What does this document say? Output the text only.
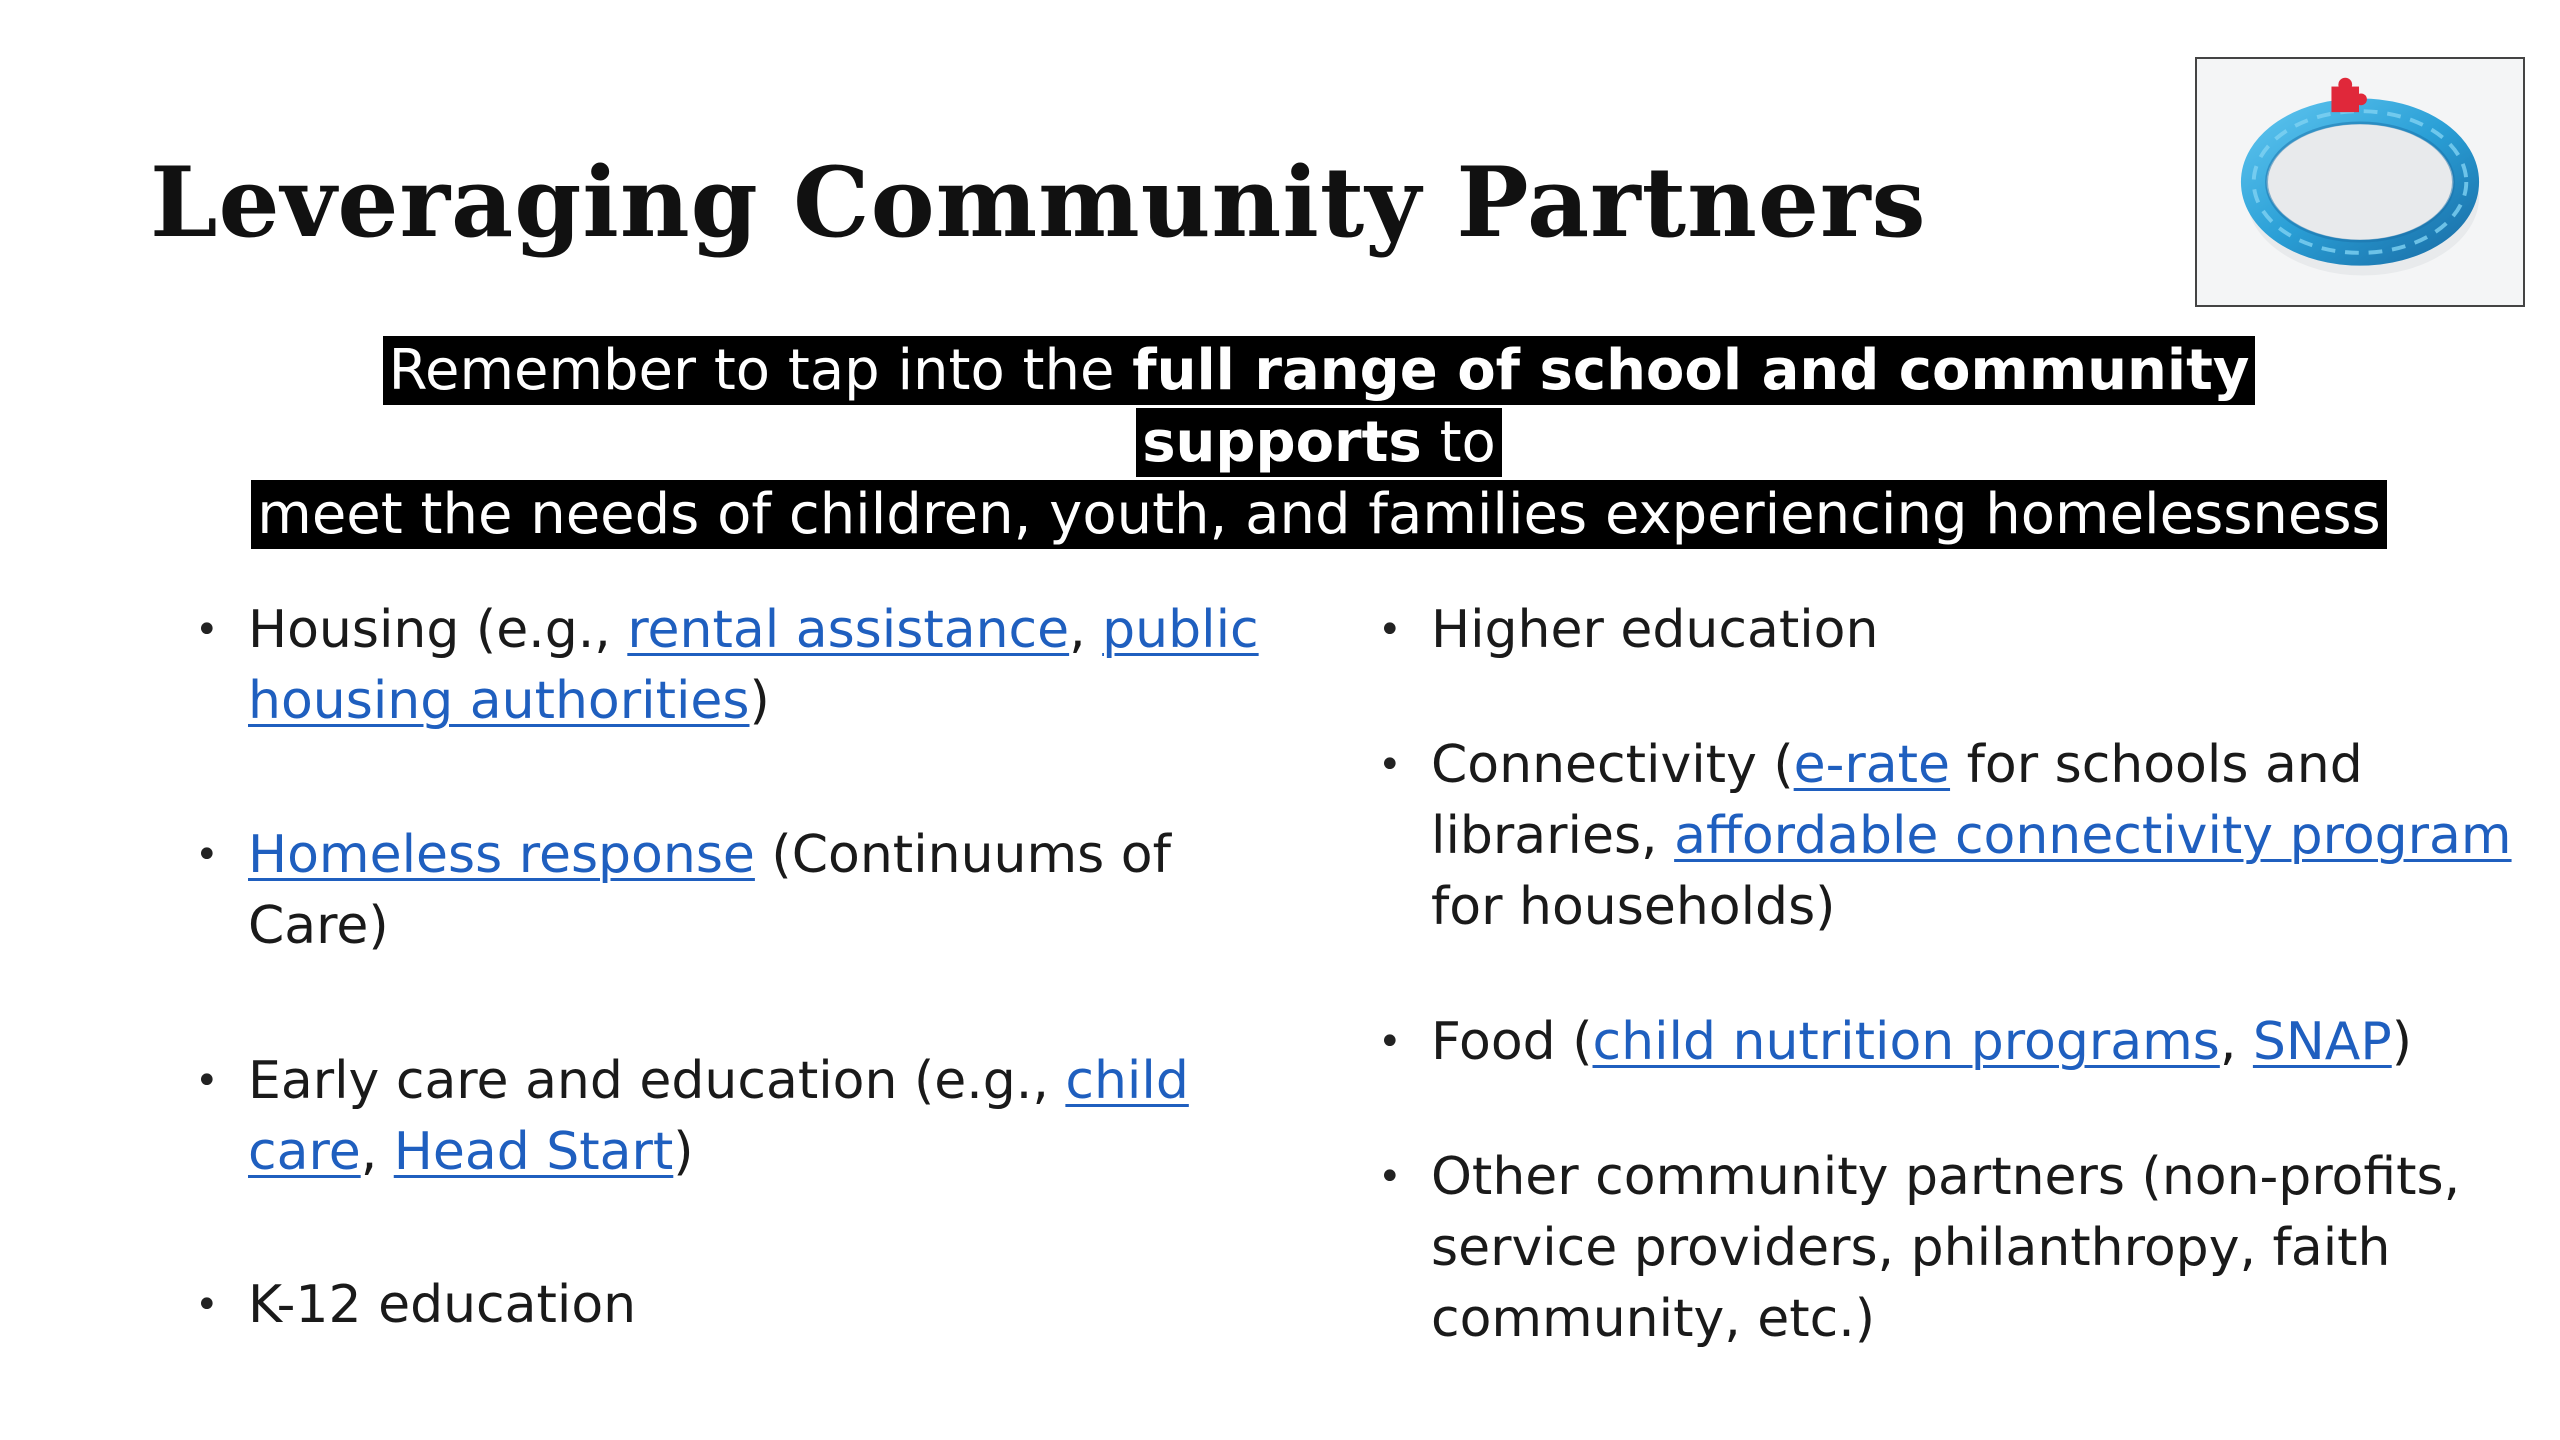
Leveraging Community Partners
Remember to tap into the full range of school and community supports to
meet the needs of children, youth, and families experiencing homelessness
• Housing (e.g., rental assistance, public housing authorities)
• Homeless response (Continuums of Care)
• Early care and education (e.g., child care, Head Start)
• K-12 education
• Higher education
• Connectivity (e-rate for schools and libraries, affordable connectivity program for households)
• Food (child nutrition programs, SNAP)
• Other community partners (non-profits, service providers, philanthropy, faith community, etc.)
